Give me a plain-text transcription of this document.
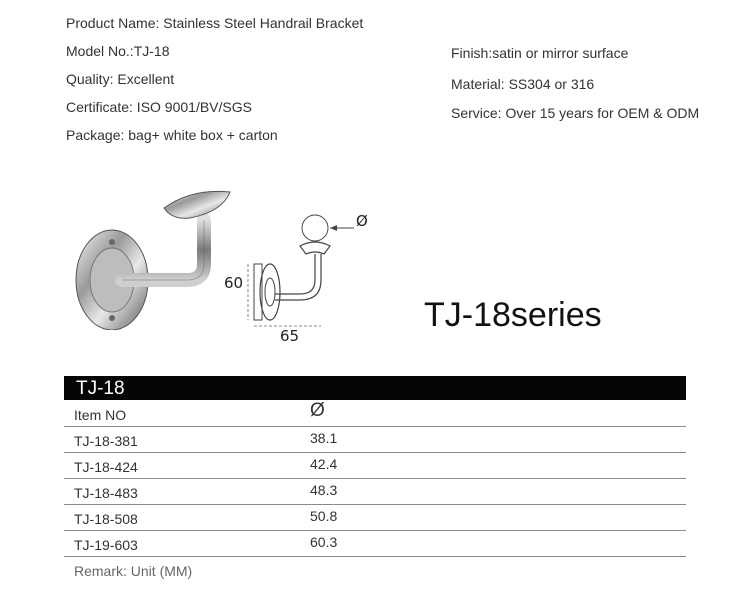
Product Name: Stainless Steel Handrail Bracket
Model No.:TJ-18
Quality: Excellent
Certificate: ISO 9001/BV/SGS
Package: bag+ white box + carton
Finish:satin or mirror surface
Material: SS304 or 316
Service: Over 15 years for OEM & ODM
Ø
60
65
TJ-18series
TJ-18
Item NO	Ø
TJ-18-381	38.1
TJ-18-424	42.4
TJ-18-483	48.3
TJ-18-508	50.8
TJ-19-603	60.3
Remark: Unit (MM)
